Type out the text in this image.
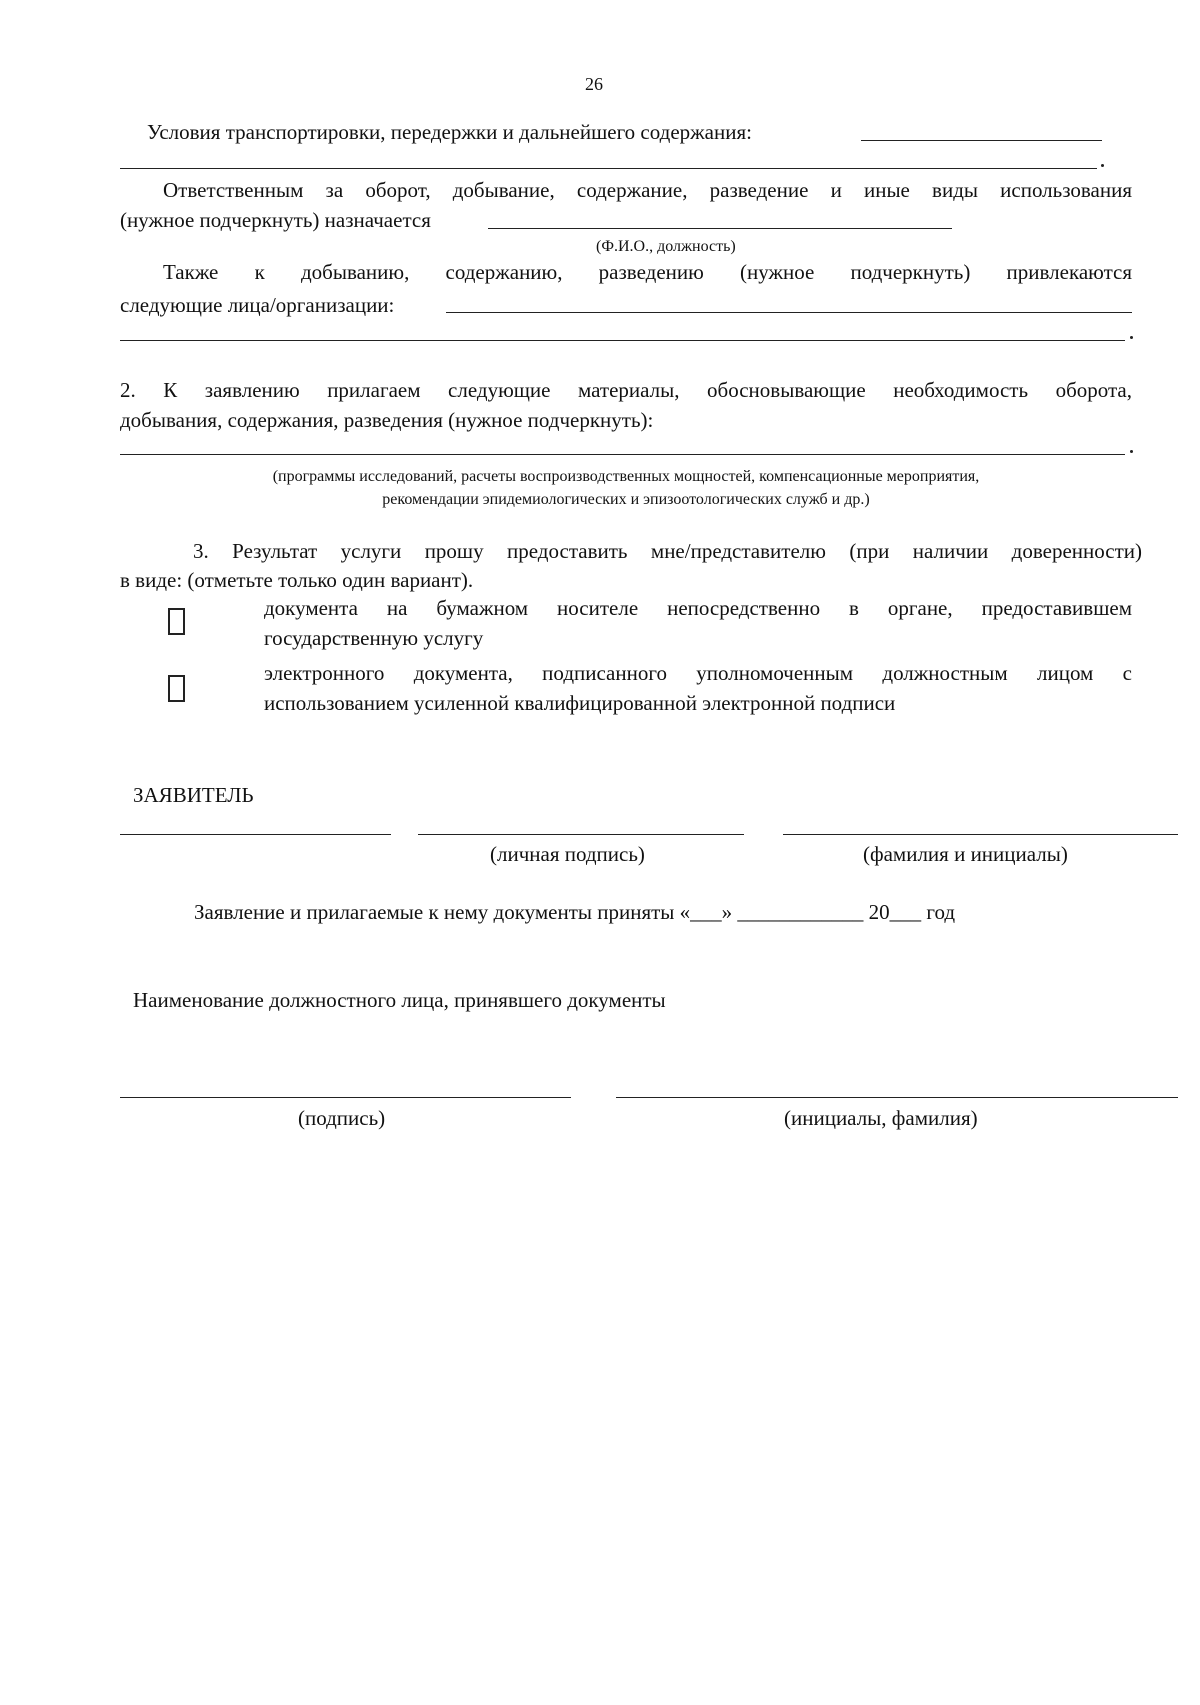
26
Условия транспортировки, передержки и дальнейшего содержания:
Ответственным за оборот, добывание, содержание, разведение и иные виды использования
(нужное подчеркнуть) назначается
(Ф.И.О., должность)
Также к добыванию, содержанию, разведению (нужное подчеркнуть) привлекаются
следующие лица/организации:
2. К заявлению прилагаем следующие материалы, обосновывающие необходимость оборота,
добывания, содержания, разведения (нужное подчеркнуть):
(программы исследований, расчеты воспроизводственных мощностей, компенсационные мероприятия,
рекомендации эпидемиологических и эпизоотологических служб и др.)
3. Результат услуги прошу предоставить мне/представителю (при наличии доверенности)
в виде: (отметьте только один вариант).
документа на бумажном носителе непосредственно в органе, предоставившем
государственную услугу
электронного документа, подписанного уполномоченным должностным лицом с
использованием усиленной квалифицированной электронной подписи
ЗАЯВИТЕЛЬ
(личная подпись)	(фамилия и инициалы)
Заявление и прилагаемые к нему документы приняты «___» ____________ 20___ год
Наименование должностного лица, принявшего документы
(подпись)	(инициалы, фамилия)
